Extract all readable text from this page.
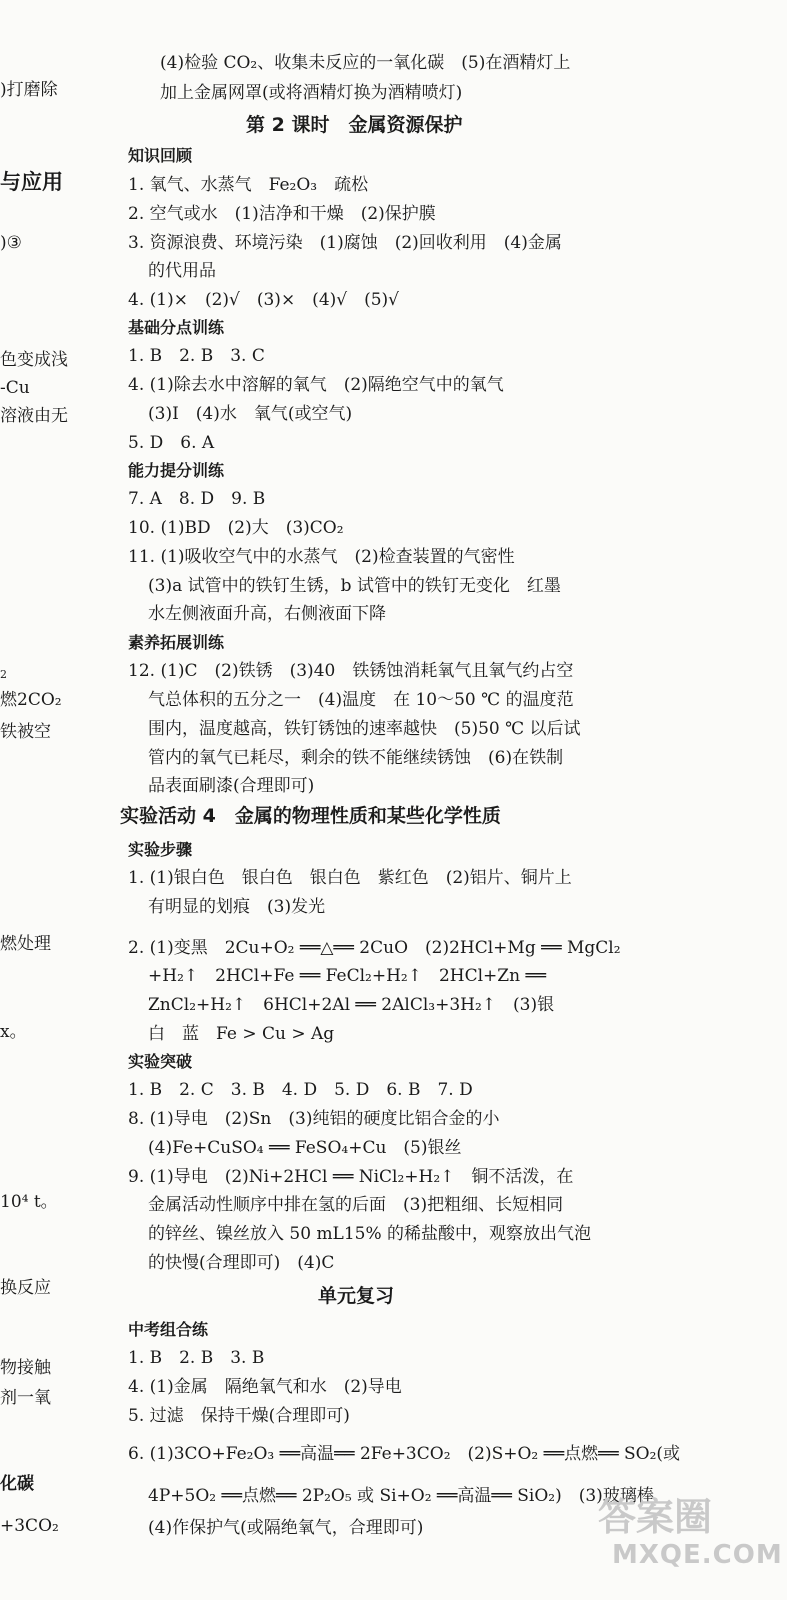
)打磨除
与应用
)③
色变成浅
-Cu
溶液由无
2
燃2CO₂
铁被空
燃处理
x。
10⁴ t。
换反应
物接触
剂一氧
化碳
+3CO₂
(4)检验 CO₂、收集未反应的一氧化碳　(5)在酒精灯上
加上金属网罩(或将酒精灯换为酒精喷灯)
第 2 课时　金属资源保护
知识回顾
1. 氧气、水蒸气　Fe₂O₃　疏松
2. 空气或水　(1)洁净和干燥　(2)保护膜
3. 资源浪费、环境污染　(1)腐蚀　(2)回收利用　(4)金属
的代用品
4. (1)×　(2)√　(3)×　(4)√　(5)√
基础分点训练
1. B　2. B　3. C
4. (1)除去水中溶解的氧气　(2)隔绝空气中的氧气
(3)Ⅰ　(4)水　氧气(或空气)
5. D　6. A
能力提分训练
7. A　8. D　9. B
10. (1)BD　(2)大　(3)CO₂
11. (1)吸收空气中的水蒸气　(2)检查装置的气密性
(3)a 试管中的铁钉生锈，b 试管中的铁钉无变化　红墨
水左侧液面升高，右侧液面下降
素养拓展训练
12. (1)C　(2)铁锈　(3)40　铁锈蚀消耗氧气且氧气约占空
气总体积的五分之一　(4)温度　在 10～50 ℃ 的温度范
围内，温度越高，铁钉锈蚀的速率越快　(5)50 ℃ 以后试
管内的氧气已耗尽，剩余的铁不能继续锈蚀　(6)在铁制
品表面刷漆(合理即可)
实验活动 4　金属的物理性质和某些化学性质
实验步骤
1. (1)银白色　银白色　银白色　紫红色　(2)铝片、铜片上
有明显的划痕　(3)发光
2. (1)变黑　2Cu+O₂ ══△══ 2CuO　(2)2HCl+Mg ══ MgCl₂
+H₂↑　2HCl+Fe ══ FeCl₂+H₂↑　2HCl+Zn ══
ZnCl₂+H₂↑　6HCl+2Al ══ 2AlCl₃+3H₂↑　(3)银
白　蓝　Fe > Cu > Ag
实验突破
1. B　2. C　3. B　4. D　5. D　6. B　7. D
8. (1)导电　(2)Sn　(3)纯铝的硬度比铝合金的小
(4)Fe+CuSO₄ ══ FeSO₄+Cu　(5)银丝
9. (1)导电　(2)Ni+2HCl ══ NiCl₂+H₂↑　铜不活泼，在
金属活动性顺序中排在氢的后面　(3)把粗细、长短相同
的锌丝、镍丝放入 50 mL15% 的稀盐酸中，观察放出气泡
的快慢(合理即可)　(4)C
单元复习
中考组合练
1. B　2. B　3. B
4. (1)金属　隔绝氧气和水　(2)导电
5. 过滤　保持干燥(合理即可)
6. (1)3CO+Fe₂O₃ ══高温══ 2Fe+3CO₂　(2)S+O₂ ══点燃══ SO₂(或
4P+5O₂ ══点燃══ 2P₂O₅ 或 Si+O₂ ══高温══ SiO₂)　(3)玻璃棒
(4)作保护气(或隔绝氧气，合理即可)	答案圈
MXQE.COM
